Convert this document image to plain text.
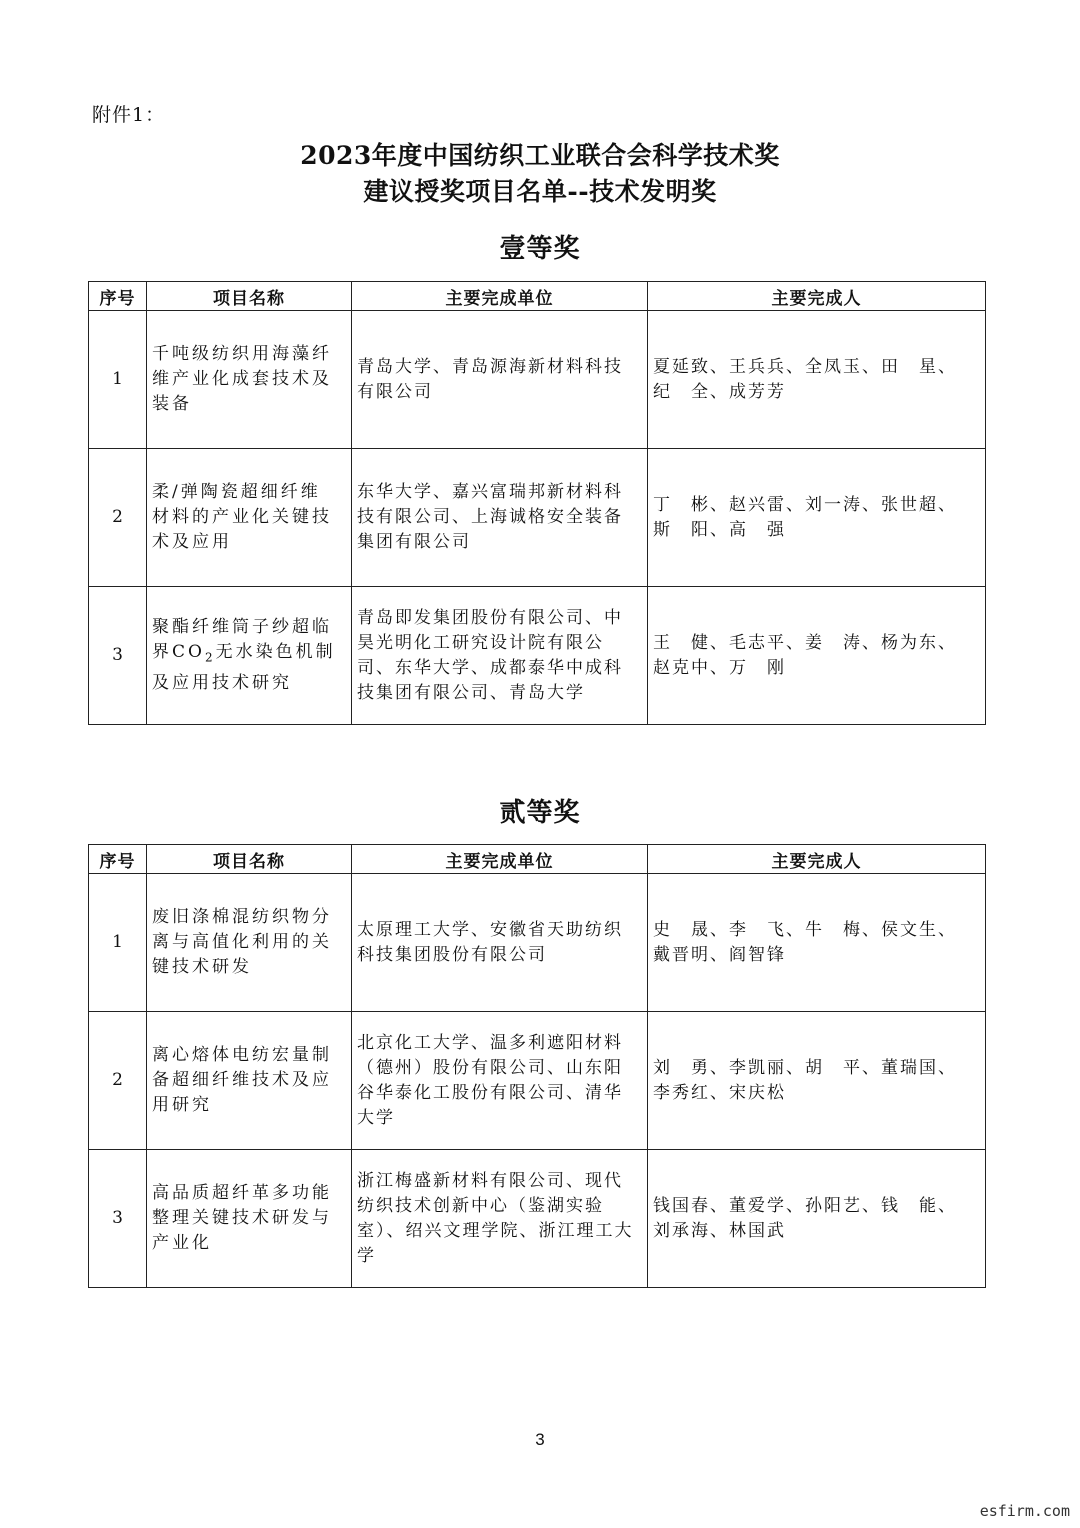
附件1：
2023年度中国纺织工业联合会科学技术奖
建议授奖项目名单--技术发明奖
壹等奖
序号	项目名称	主要完成单位	主要完成人
1	千吨级纺织用海藻纤维产业化成套技术及装备	青岛大学、青岛源海新材料科技有限公司	夏延致、王兵兵、全凤玉、田　星、纪　全、成芳芳
2	柔/弹陶瓷超细纤维材料的产业化关键技术及应用	东华大学、嘉兴富瑞邦新材料科技有限公司、上海诚格安全装备集团有限公司	丁　彬、赵兴雷、刘一涛、张世超、斯　阳、高　强
3	聚酯纤维筒子纱超临界$CO_2$无水染色机制及应用技术研究	青岛即发集团股份有限公司、中昊光明化工研究设计院有限公司、东华大学、成都泰华中成科技集团有限公司、青岛大学	王　健、毛志平、姜　涛、杨为东、赵克中、万　刚
贰等奖
序号	项目名称	主要完成单位	主要完成人
1	废旧涤棉混纺织物分离与高值化利用的关键技术研发	太原理工大学、安徽省天助纺织科技集团股份有限公司	史　晟、李　飞、牛　梅、侯文生、戴晋明、阎智锋
2	离心熔体电纺宏量制备超细纤维技术及应用研究	北京化工大学、温多利遮阳材料（德州）股份有限公司、山东阳谷华泰化工股份有限公司、清华大学	刘　勇、李凯丽、胡　平、董瑞国、李秀红、宋庆松
3	高品质超纤革多功能整理关键技术研发与产业化	浙江梅盛新材料有限公司、现代纺织技术创新中心（鉴湖实验室）、绍兴文理学院、浙江理工大学	钱国春、董爱学、孙阳艺、钱　能、刘承海、林国武
3
esfirm.com
